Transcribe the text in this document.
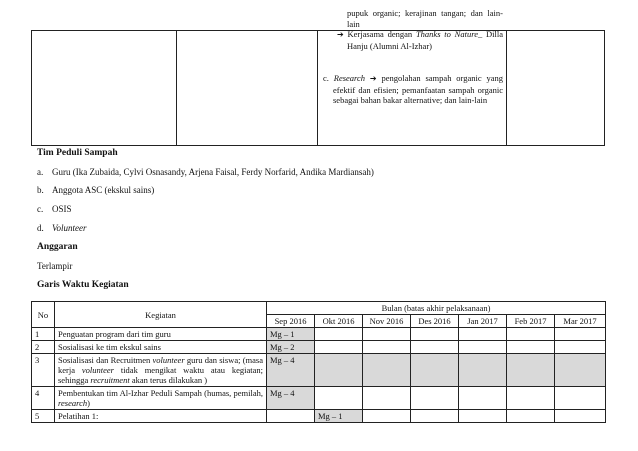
pupuk organic; kerajinan tangan; dan lain-lain

➔ Kerjasama dengan Thanks to Nature_ Dilla Hanju (Alumni Al-Izhar)

c. Research ➔ pengolahan sampah organic yang efektif dan efisien; pemanfaatan sampah organic sebagai bahan bakar alternative; dan lain-lain

Tim Peduli Sampah
a. Guru (Ika Zubaida, Cylvi Osnasandy, Arjena Faisal, Ferdy Norfarid, Andika Mardiansah)
b. Anggota ASC (ekskul sains)
c. OSIS
d. Volunteer
Anggaran
Terlampir
Garis Waktu Kegiatan
No	Kegiatan	Bulan (batas akhir pelaksanaan)						
		Sep 2016	Okt 2016	Nov 2016	Des 2016	Jan 2017	Feb 2017	Mar 2017
1	Penguatan program dari tim guru	Mg – 1						
2	Sosialisasi ke tim ekskul sains	Mg – 2						
3	Sosialisasi dan Recruitmen volunteer guru dan siswa; (masa kerja volunteer tidak mengikat waktu atau kegiatan; sehingga recruitment akan terus dilakukan )	Mg – 4						
4	Pembentukan tim Al-Izhar Peduli Sampah (humas, pemilah, research)	Mg – 4						
5	Pelatihan 1:		Mg – 1					
